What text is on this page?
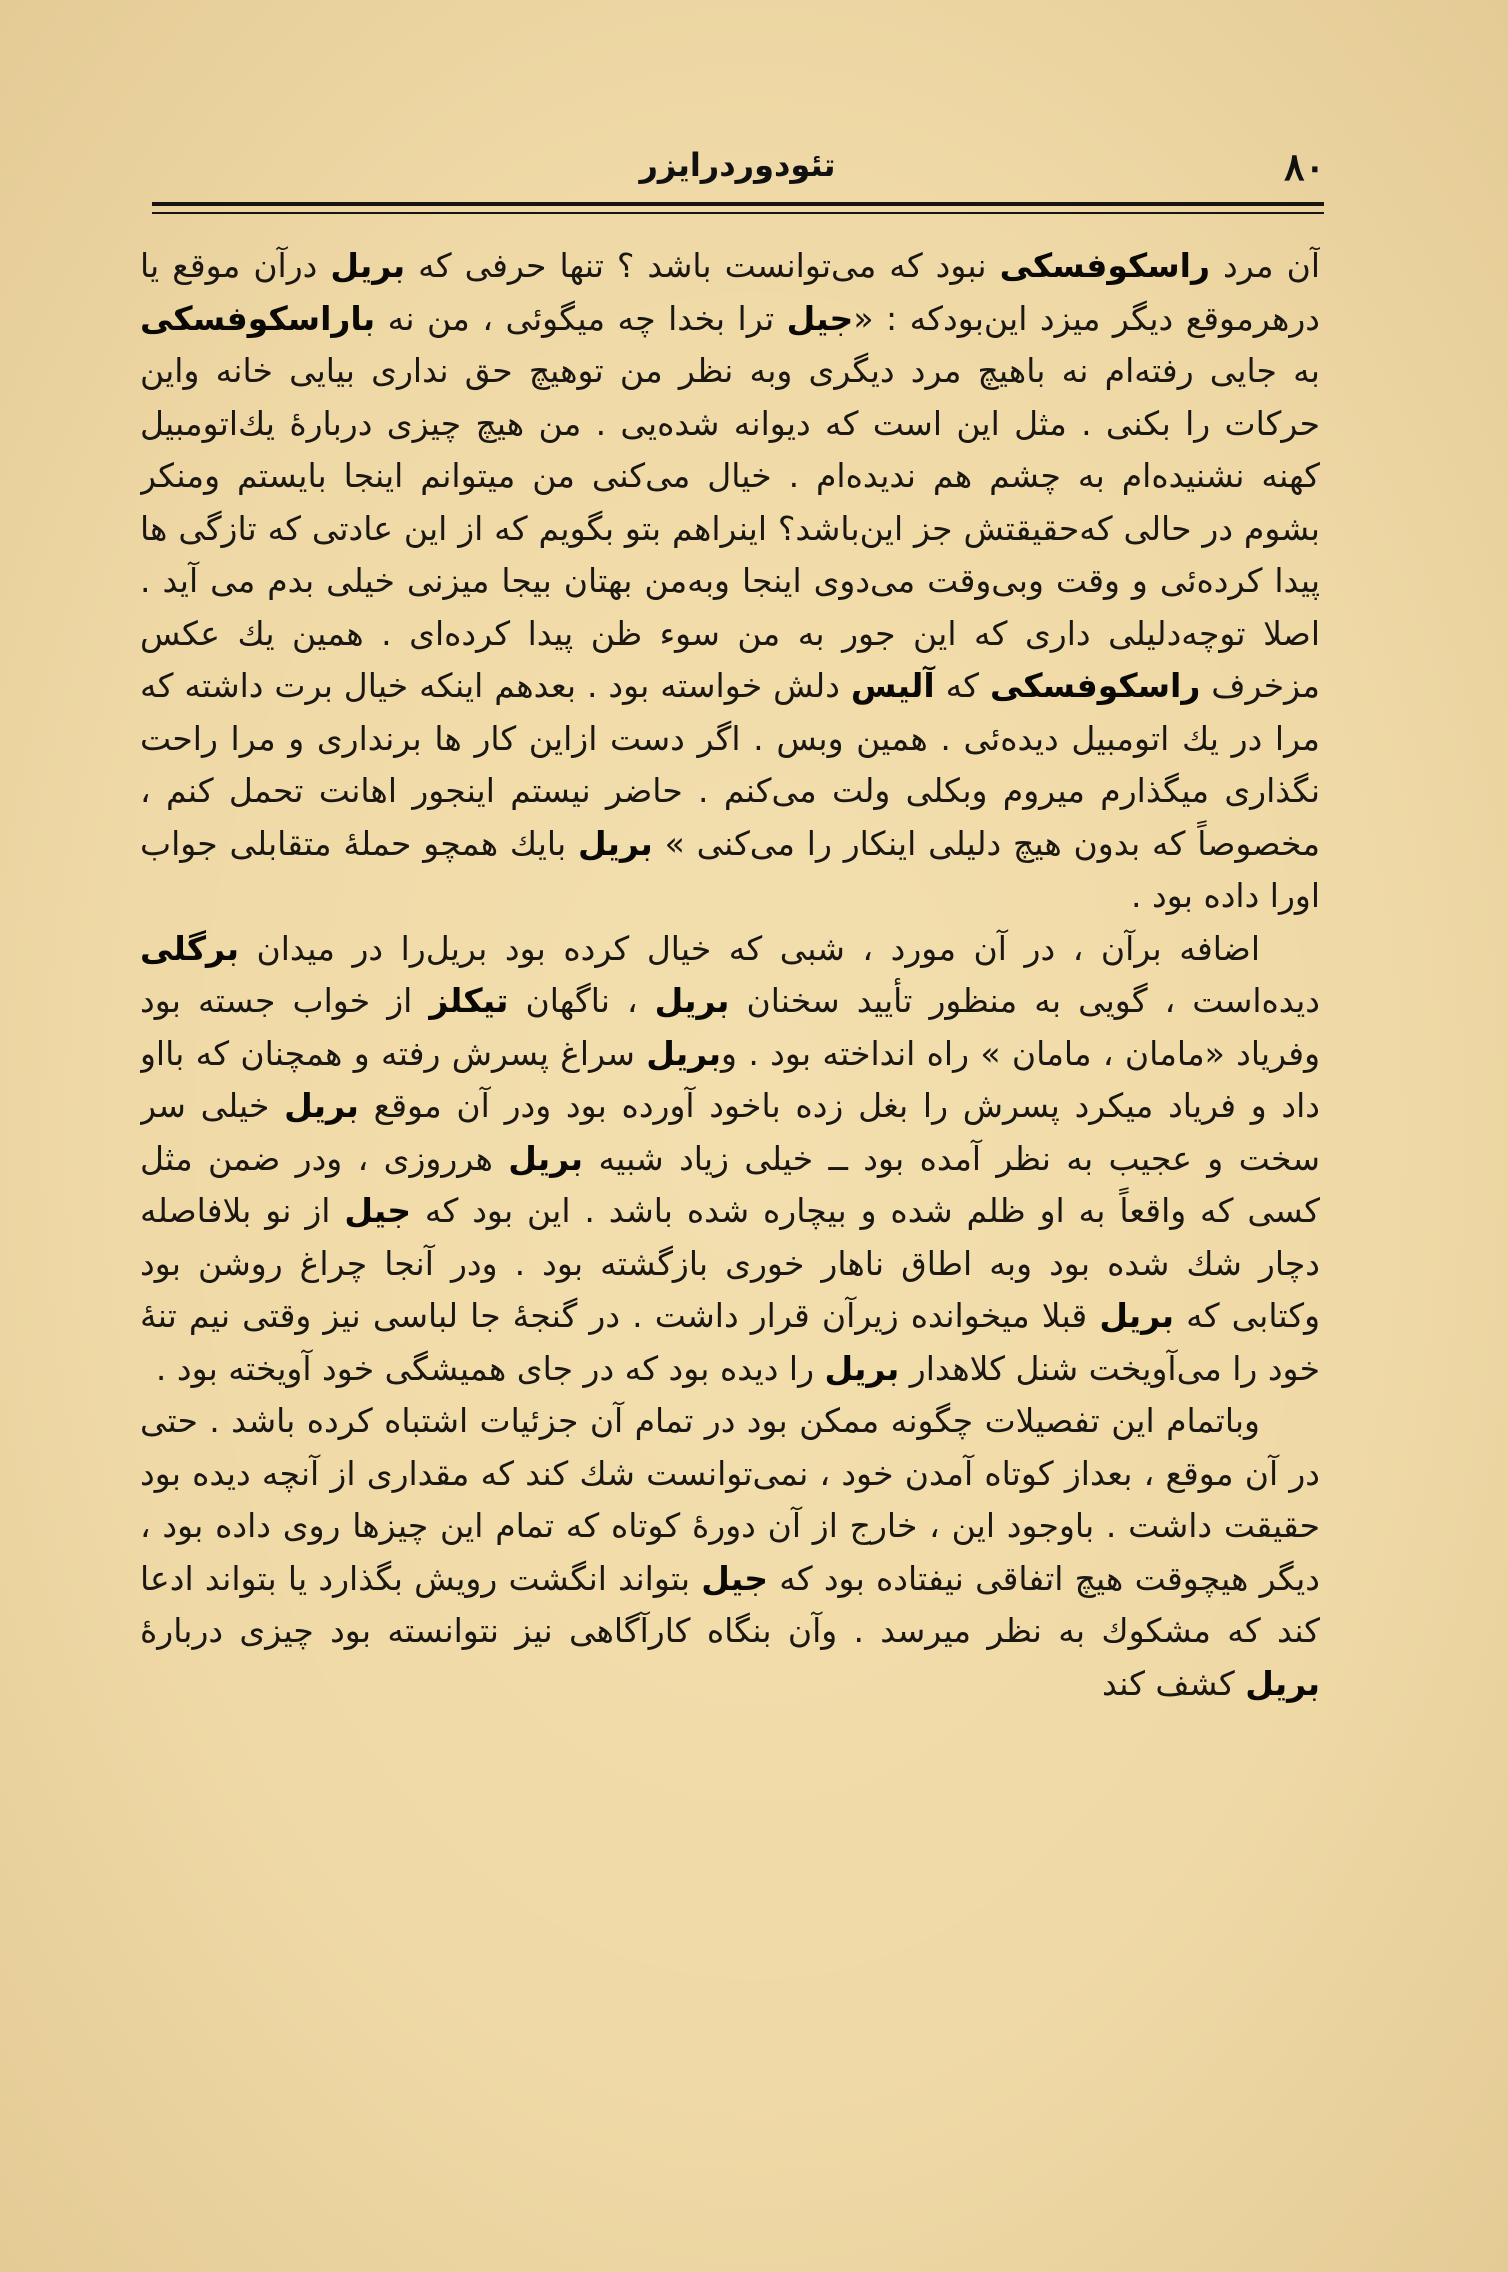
۸۰
تئودوردرایزر

آن مرد راسکوفسکی نبود که می‌توانست باشد ؟ تنها حرفی که بریل درآن موقع یا درهرموقع دیگر میزد این‌بودکه : «جیل ترا بخدا چه میگوئی ، من نه باراسکوفسکی به جایی رفته‌ام نه باهیچ مرد دیگری وبه نظر من توهیچ حق نداری بیایی خانه واین حرکات را بکنی . مثل این است که دیوانه شده‌یی . من هیچ چیزی دربارهٔ یك‌اتومبیل کهنه نشنیده‌ام به چشم هم ندیده‌ام . خیال می‌کنی من میتوانم اینجا بایستم ومنکر بشوم در حالی که‌حقیقتش جز این‌باشد؟ اینراهم بتو بگویم که از این عادتی که تازگی ها پیدا کرده‌ئی و وقت وبی‌وقت می‌دوی اینجا وبه‌من بهتان بیجا میزنی خیلی بدم می آید . اصلا توچه‌دلیلی داری که این جور به من سوء ظن پیدا کرده‌ای . همین یك عکس مزخرف راسکوفسکی که آلیس دلش خواسته بود . بعدهم اینکه خیال برت داشته که مرا در یك اتومبیل دیده‌ئی . همین وبس . اگر دست ازاین کار ها برنداری و مرا راحت نگذاری میگذارم میروم وبکلی ولت می‌کنم . حاضر نیستم اینجور اهانت تحمل کنم ، مخصوصاً که بدون هیچ دلیلی اینکار را می‌کنی » بریل بایك همچو حملهٔ متقابلی جواب اورا داده بود .

اضافه برآن ، در آن مورد ، شبی که خیال کرده بود بریل‌را در میدان برگلی دیده‌است ، گویی به منظور تأیید سخنان بریل ، ناگهان تیکلز از خواب جسته بود وفریاد «مامان ، مامان » راه انداخته بود . وبریل سراغ پسرش رفته و همچنان که بااو داد و فریاد میکرد پسرش را بغل زده باخود آورده بود ودر آن موقع بریل خیلی سر سخت و عجیب به نظر آمده بود ــ خیلی زیاد شبیه بریل هرروزی ، ودر ضمن مثل کسی که واقعاً به او ظلم شده و بیچاره شده باشد . این بود که جیل از نو بلافاصله دچار شك شده بود وبه اطاق ناهار خوری بازگشته بود . ودر آنجا چراغ روشن بود وکتابی که بریل قبلا میخوانده زیرآن قرار داشت . در گنجهٔ جا لباسی نیز وقتی نیم تنهٔ خود را می‌آویخت شنل کلاهدار بریل را دیده بود که در جای همیشگی خود آویخته بود .

وباتمام این تفصیلات چگونه ممکن بود در تمام آن جزئیات اشتباه کرده باشد . حتی در آن موقع ، بعداز کوتاه آمدن خود ، نمی‌توانست شك کند که مقداری از آنچه دیده بود حقیقت داشت . باوجود این ، خارج از آن دورهٔ کوتاه که تمام این چیزها روی داده بود ، دیگر هیچوقت هیچ اتفاقی نیفتاده بود که جیل بتواند انگشت رویش بگذارد یا بتواند ادعا کند که مشکوك به نظر میرسد . وآن بنگاه کارآگاهی نیز نتوانسته بود چیزی دربارهٔ بریل کشف کند
